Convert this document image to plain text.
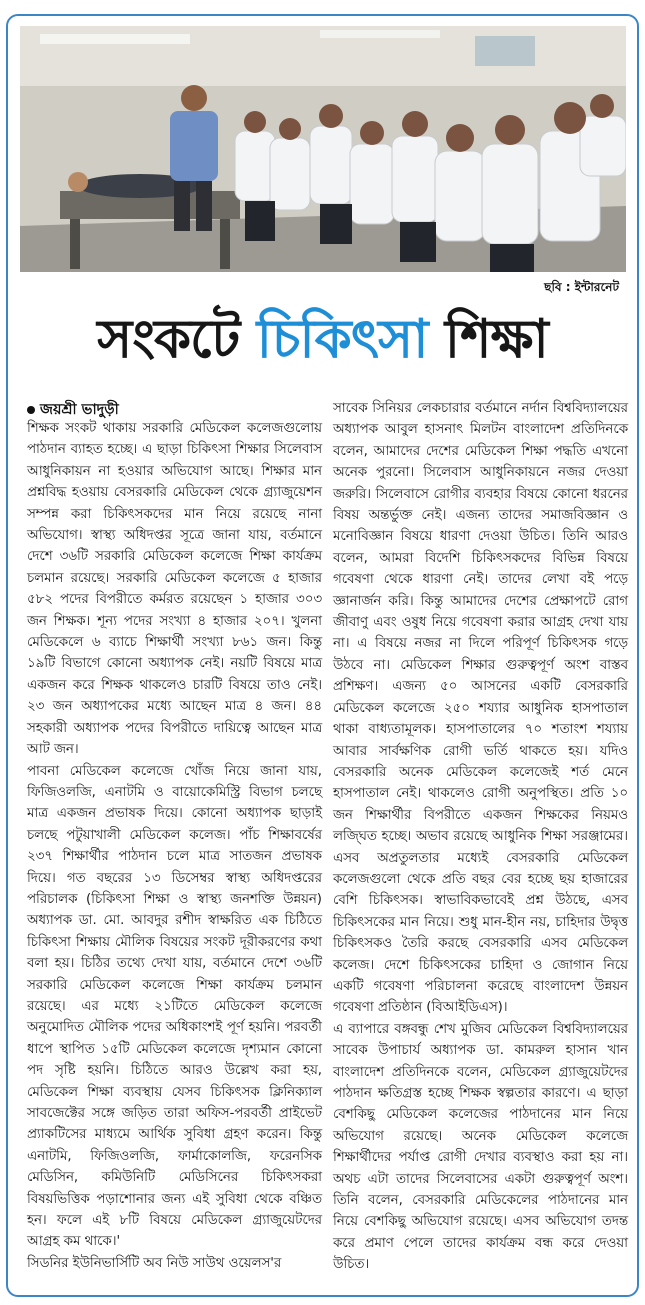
ছবি : ইন্টারনেট
সংকটে চিকিৎসা শিক্ষা
জয়শ্রী ভাদুড়ী

শিক্ষক সংকট থাকায় সরকারি মেডিকেল কলেজগুলোয় পাঠদান ব্যাহত হচ্ছে। এ ছাড়া চিকিৎসা শিক্ষার সিলেবাস আধুনিকায়ন না হওয়ার অভিযোগ আছে। শিক্ষার মান প্রশ্নবিদ্ধ হওয়ায় বেসরকারি মেডিকেল থেকে গ্র্যাজুয়েশন সম্পন্ন করা চিকিৎসকদের মান নিয়ে রয়েছে নানা অভিযোগ। স্বাস্থ্য অধিদপ্তর সূত্রে জানা যায়, বর্তমানে দেশে ৩৬টি সরকারি মেডিকেল কলেজে শিক্ষা কার্যক্রম চলমান রয়েছে। সরকারি মেডিকেল কলেজে ৫ হাজার ৫৮২ পদের বিপরীতে কর্মরত রয়েছেন ১ হাজার ৩০৩ জন শিক্ষক। শূন্য পদের সংখ্যা ৪ হাজার ২০৭। খুলনা মেডিকেলে ৬ ব্যাচে শিক্ষার্থী সংখ্যা ৮৬১ জন। কিন্তু ১৯টি বিভাগে কোনো অধ্যাপক নেই। নয়টি বিষয়ে মাত্র একজন করে শিক্ষক থাকলেও চারটি বিষয়ে তাও নেই। ২৩ জন অধ্যাপকের মধ্যে আছেন মাত্র ৪ জন। ৪৪ সহকারী অধ্যাপক পদের বিপরীতে দায়িত্বে আছেন মাত্র আট জন।

পাবনা মেডিকেল কলেজে খোঁজ নিয়ে জানা যায়, ফিজিওলজি, এনাটমি ও বায়োকেমিস্ট্রি বিভাগ চলছে মাত্র একজন প্রভাষক দিয়ে। কোনো অধ্যাপক ছাড়াই চলছে পটুয়াখালী মেডিকেল কলেজ। পাঁচ শিক্ষাবর্ষের ২৩৭ শিক্ষার্থীর পাঠদান চলে মাত্র সাতজন প্রভাষক দিয়ে। গত বছরের ১৩ ডিসেম্বর স্বাস্থ্য অধিদপ্তরের পরিচালক (চিকিৎসা শিক্ষা ও স্বাস্থ্য জনশক্তি উন্নয়ন) অধ্যাপক ডা. মো. আবদুর রশীদ স্বাক্ষরিত এক চিঠিতে চিকিৎসা শিক্ষায় মৌলিক বিষয়ের সংকট দূরীকরণের কথা বলা হয়। চিঠির তথ্যে দেখা যায়, বর্তমানে দেশে ৩৬টি সরকারি মেডিকেল কলেজে শিক্ষা কার্যক্রম চলমান রয়েছে। এর মধ্যে ২১টিতে মেডিকেল কলেজে অনুমোদিত মৌলিক পদের অধিকাংশই পূর্ণ হয়নি। পরবর্তী ধাপে স্থাপিত ১৫টি মেডিকেল কলেজে দৃশ্যমান কোনো পদ সৃষ্টি হয়নি। চিঠিতে আরও উল্লেখ করা হয়, মেডিকেল শিক্ষা ব্যবস্থায় যেসব চিকিৎসক ক্লিনিক্যাল সাবজেক্টের সঙ্গে জড়িত তারা অফিস-পরবর্তী প্রাইভেট প্র্যাকটিসের মাধ্যমে আর্থিক সুবিধা গ্রহণ করেন। কিন্তু এনাটমি, ফিজিওলজি, ফার্মাকোলজি, ফরেনসিক মেডিসিন, কমিউনিটি মেডিসিনের চিকিৎসকরা বিষয়ভিত্তিক পড়াশোনার জন্য এই সুবিধা থেকে বঞ্চিত হন। ফলে এই ৮টি বিষয়ে মেডিকেল গ্র্যাজুয়েটদের আগ্রহ কম থাকে।'

সিডনির ইউনিভার্সিটি অব নিউ সাউথ ওয়েলস'র

সাবেক সিনিয়র লেকচারার বর্তমানে নর্দান বিশ্ববিদ্যালয়ের অধ্যাপক আবুল হাসনাৎ মিলটন বাংলাদেশ প্রতিদিনকে বলেন, আমাদের দেশের মেডিকেল শিক্ষা পদ্ধতি এখনো অনেক পুরনো। সিলেবাস আধুনিকায়নে নজর দেওয়া জরুরি। সিলেবাসে রোগীর ব্যবহার বিষয়ে কোনো ধরনের বিষয় অন্তর্ভুক্ত নেই। এজন্য তাদের সমাজবিজ্ঞান ও মনোবিজ্ঞান বিষয়ে ধারণা দেওয়া উচিত। তিনি আরও বলেন, আমরা বিদেশি চিকিৎসকদের বিভিন্ন বিষয়ে গবেষণা থেকে ধারণা নেই। তাদের লেখা বই পড়ে জ্ঞানার্জন করি। কিন্তু আমাদের দেশের প্রেক্ষাপটে রোগ জীবাণু এবং ওষুধ নিয়ে গবেষণা করার আগ্রহ দেখা যায় না। এ বিষয়ে নজর না দিলে পরিপূর্ণ চিকিৎসক গড়ে উঠবে না। মেডিকেল শিক্ষার গুরুত্বপূর্ণ অংশ বাস্তব প্রশিক্ষণ। এজন্য ৫০ আসনের একটি বেসরকারি মেডিকেল কলেজে ২৫০ শয্যার আধুনিক হাসপাতাল থাকা বাধ্যতামূলক। হাসপাতালের ৭০ শতাংশ শয্যায় আবার সার্বক্ষণিক রোগী ভর্তি থাকতে হয়। যদিও বেসরকারি অনেক মেডিকেল কলেজেই শর্ত মেনে হাসপাতাল নেই। থাকলেও রোগী অনুপস্থিত। প্রতি ১০ জন শিক্ষার্থীর বিপরীতে একজন শিক্ষকের নিয়মও লজ্ঘিত হচ্ছে। অভাব রয়েছে আধুনিক শিক্ষা সরঞ্জামের। এসব অপ্রতুলতার মধ্যেই বেসরকারি মেডিকেল কলেজগুলো থেকে প্রতি বছর বের হচ্ছে ছয় হাজারের বেশি চিকিৎসক। স্বাভাবিকভাবেই প্রশ্ন উঠছে, এসব চিকিৎসকের মান নিয়ে। শুধু মান-হীন নয়, চাহিদার উদ্বৃত্ত চিকিৎসকও তৈরি করছে বেসরকারি এসব মেডিকেল কলেজ। দেশে চিকিৎসকের চাহিদা ও জোগান নিয়ে একটি গবেষণা পরিচালনা করেছে বাংলাদেশ উন্নয়ন গবেষণা প্রতিষ্ঠান (বিআইডিএস)।

এ ব্যাপারে বঙ্গবন্ধু শেখ মুজিব মেডিকেল বিশ্ববিদ্যালয়ের সাবেক উপাচার্য অধ্যাপক ডা. কামরুল হাসান খান বাংলাদেশ প্রতিদিনকে বলেন, মেডিকেল গ্র্যাজুয়েটদের পাঠদান ক্ষতিগ্রস্ত হচ্ছে শিক্ষক স্বল্পতার কারণে। এ ছাড়া বেশকিছু মেডিকেল কলেজের পাঠদানের মান নিয়ে অভিযোগ রয়েছে। অনেক মেডিকেল কলেজে শিক্ষার্থীদের পর্যাপ্ত রোগী দেখার ব্যবস্থাও করা হয় না। অথচ এটা তাদের সিলেবাসের একটা গুরুত্বপূর্ণ অংশ। তিনি বলেন, বেসরকারি মেডিকেলের পাঠদানের মান নিয়ে বেশকিছু অভিযোগ রয়েছে। এসব অভিযোগ তদন্ত করে প্রমাণ পেলে তাদের কার্যক্রম বন্ধ করে দেওয়া উচিত।
